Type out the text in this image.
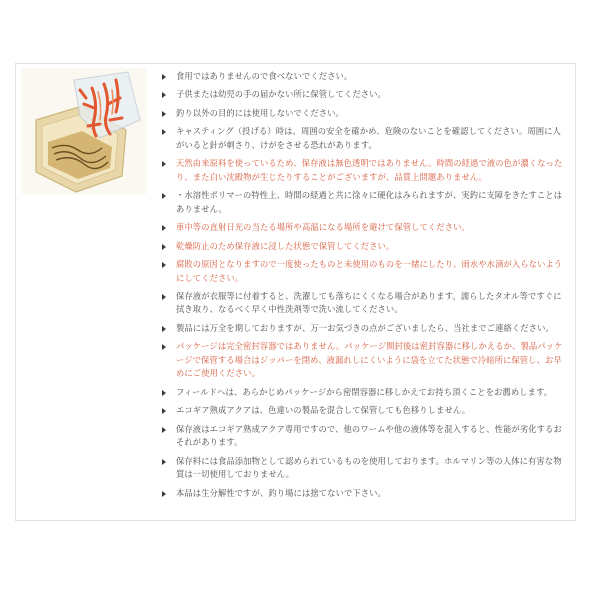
食用ではありませんので食べないでください。
子供または幼児の手の届かない所に保管してください。
釣り以外の目的には使用しないでください。
キャスティング（投げる）時は、周囲の安全を確かめ、危険のないことを確認してください。周囲に人がいると針が刺さり、けがをさせる恐れがあります。
天然由来原料を使っているため、保存液は無色透明ではありません。時間の経過で液の色が濃くなったり、また白い沈殿物が生じたりすることがございますが、品質上問題ありません。
・水溶性ポリマーの特性上、時間の経過と共に徐々に硬化はみられますが、実釣に支障をきたすことはありません。
車中等の直射日光の当たる場所や高温になる場所を避けて保管してください。
乾燥防止のため保存液に浸した状態で保管してください。
腐敗の原因となりますので一度使ったものと未使用のものを一緒にしたり、雨水や水滴が入らないようにしてください。
保存液が衣服等に付着すると、洗濯しても落ちにくくなる場合があります。濡らしたタオル等ですぐに拭き取り、なるべく早く中性洗剤等で洗い流してください。
製品には万全を期しておりますが、万一お気づきの点がございましたら、当社までご連絡ください。
パッケージは完全密封容器ではありません。パッケージ開封後は密封容器に移しかえるか、製品パッケージで保管する場合はジッパーを閉め、液漏れしにくいように袋を立てた状態で冷暗所に保管し、お早めにご使用ください。
フィールドへは、あらかじめパッケージから密閉容器に移しかえてお持ち頂くことをお薦めします。
エコギア熟成アクアは、色違いの製品を混合して保管しても色移りしません。
保存液はエコギア熟成アクア専用ですので、他のワームや他の液体等を混入すると、性能が劣化するおそれがあります。
保存料には食品添加物として認められているものを使用しております。ホルマリン等の人体に有害な物質は一切使用しておりません。
本品は生分解性ですが、釣り場には捨てないで下さい。
